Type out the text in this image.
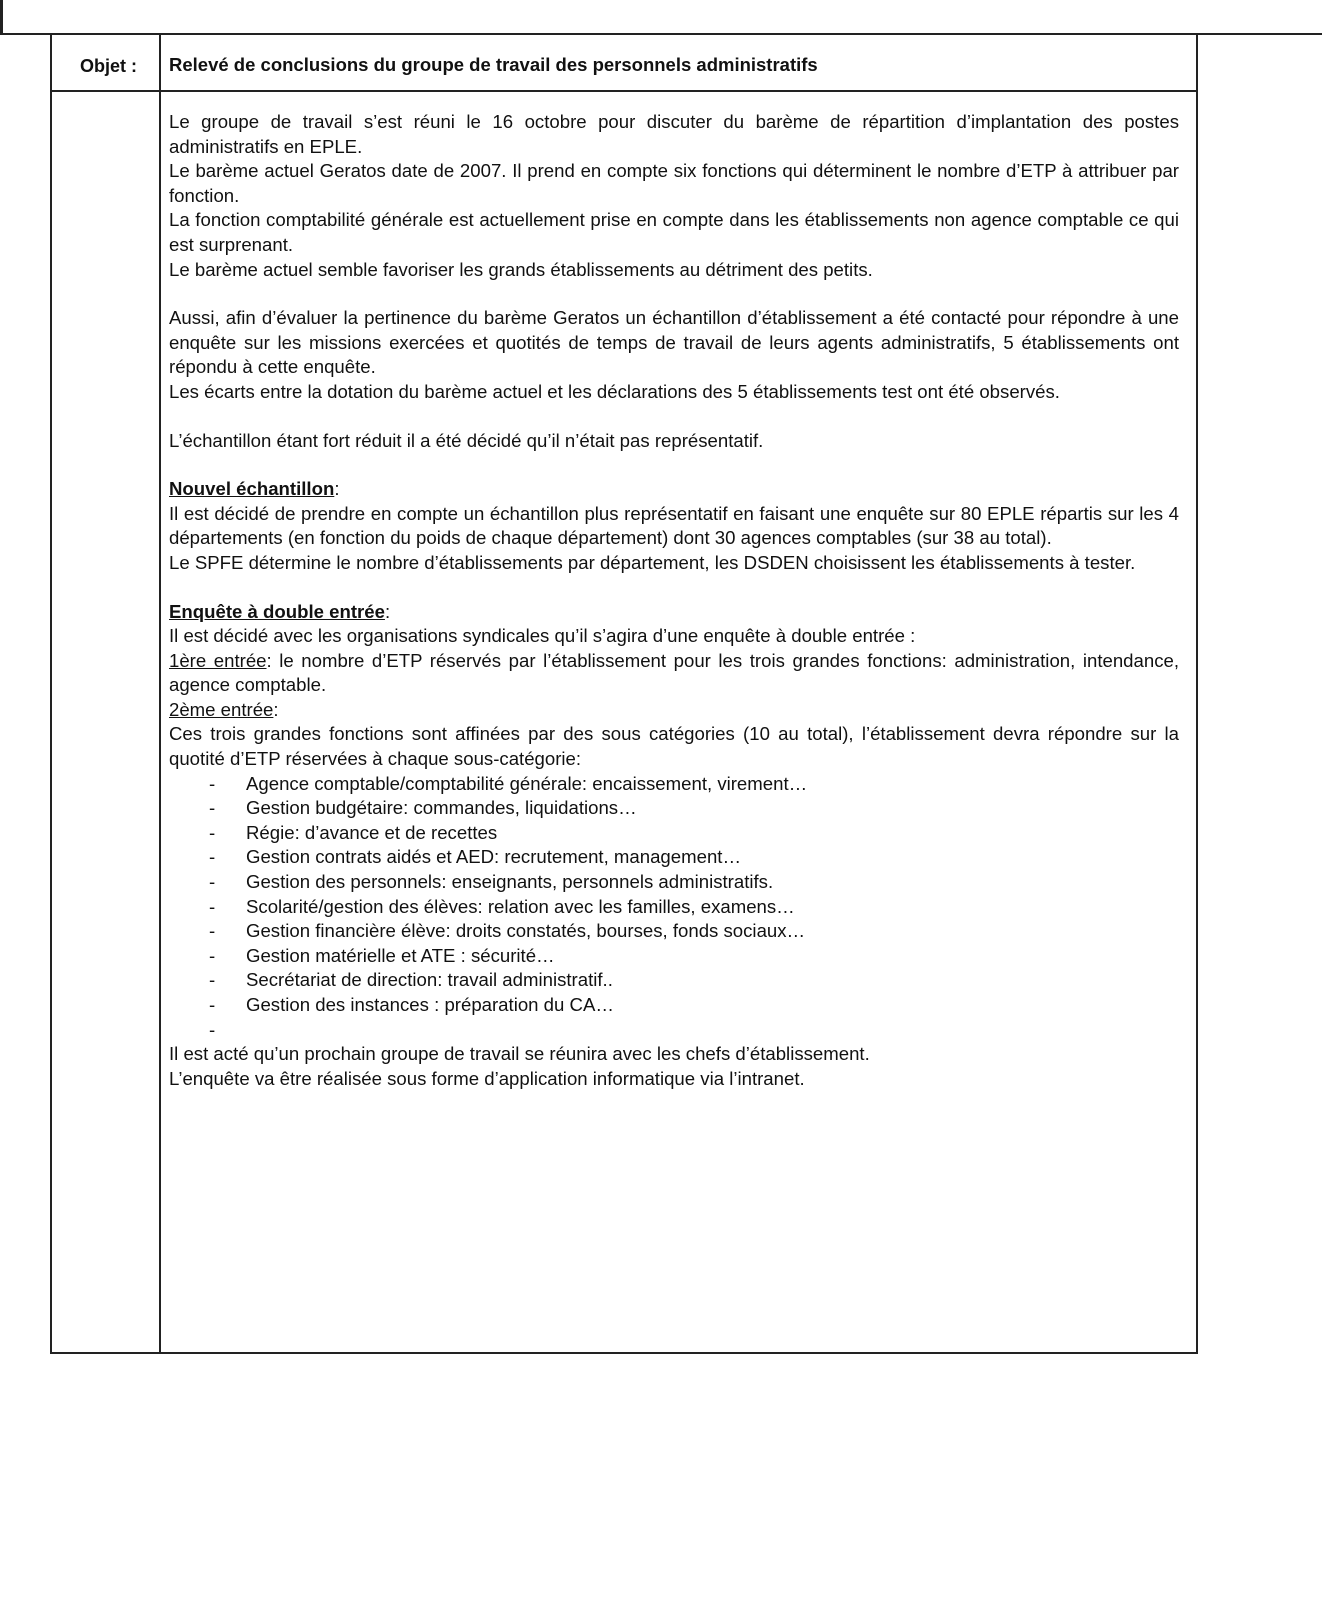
Objet : Relevé de conclusions du groupe de travail des personnels administratifs

Le groupe de travail s’est réuni le 16 octobre pour discuter du barème de répartition d’implantation des postes administratifs en EPLE.

Le barème actuel Geratos date de 2007. Il prend en compte six fonctions qui déterminent le nombre d’ETP à attribuer par fonction.

La fonction comptabilité générale est actuellement prise en compte dans les établissements non agence comptable ce qui est surprenant.

Le barème actuel semble favoriser les grands établissements au détriment des petits.

Aussi, afin d’évaluer la pertinence du barème Geratos un échantillon d’établissement a été contacté pour répondre à une enquête sur les missions exercées et quotités de temps de travail de leurs agents administratifs, 5 établissements ont répondu à cette enquête.

Les écarts entre la dotation du barème actuel et les déclarations des 5 établissements test ont été observés.

L’échantillon étant fort réduit il a été décidé qu’il n’était pas représentatif.

Nouvel échantillon:

Il est décidé de prendre en compte un échantillon plus représentatif en faisant une enquête sur 80 EPLE répartis sur les 4 départements (en fonction du poids de chaque département) dont 30 agences comptables (sur 38 au total).

Le SPFE détermine le nombre d’établissements par département, les DSDEN choisissent les établissements à tester.

Enquête à double entrée:

Il est décidé avec les organisations syndicales qu’il s’agira d’une enquête à double entrée :

1ère entrée: le nombre d’ETP réservés par l’établissement pour les trois grandes fonctions: administration, intendance, agence comptable.

2ème entrée:

Ces trois grandes fonctions sont affinées par des sous catégories (10 au total), l’établissement devra répondre sur la quotité d’ETP réservées à chaque sous-catégorie:

- Agence comptable/comptabilité générale: encaissement, virement…
- Gestion budgétaire: commandes, liquidations…
- Régie: d’avance et de recettes
- Gestion contrats aidés et AED: recrutement, management…
- Gestion des personnels: enseignants, personnels administratifs.
- Scolarité/gestion des élèves: relation avec les familles, examens…
- Gestion financière élève: droits constatés, bourses, fonds sociaux…
- Gestion matérielle et ATE : sécurité…
- Secrétariat de direction: travail administratif..
- Gestion des instances : préparation du CA…

-

Il est acté qu’un prochain groupe de travail se réunira avec les chefs d’établissement.

L’enquête va être réalisée sous forme d’application informatique via l’intranet.
